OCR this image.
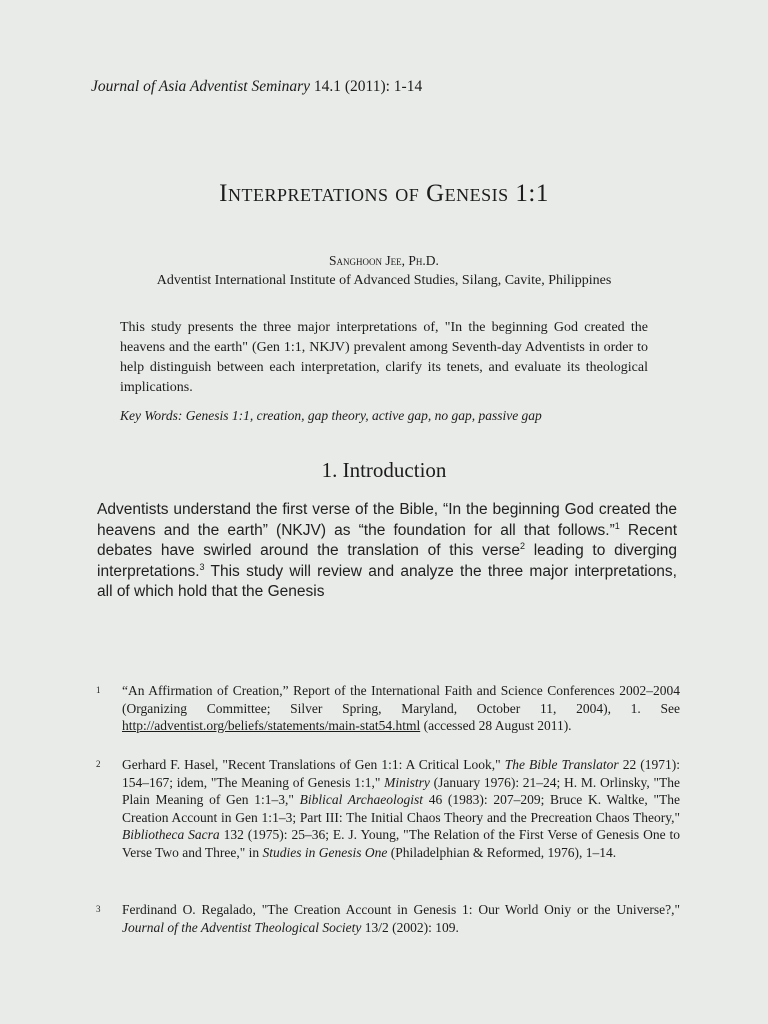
Journal of Asia Adventist Seminary 14.1 (2011): 1-14
Interpretations of Genesis 1:1
Sanghoon Jee, Ph.D.
Adventist International Institute of Advanced Studies, Silang, Cavite, Philippines

This study presents the three major interpretations of, "In the beginning God created the heavens and the earth" (Gen 1:1, NKJV) prevalent among Seventh-day Adventists in order to help distinguish between each interpretation, clarify its tenets, and evaluate its theological implications.

Key Words: Genesis 1:1, creation, gap theory, active gap, no gap, passive gap
1. Introduction

Adventists understand the first verse of the Bible, “In the beginning God created the heavens and the earth” (NKJV) as “the foundation for all that follows.”$^1$ Recent debates have swirled around the translation of this verse$^2$ leading to diverging interpretations.$^3$ This study will review and analyze the three major interpretations, all of which hold that the Genesis

1 “An Affirmation of Creation,” Report of the International Faith and Science Conferences 2002–2004 (Organizing Committee; Silver Spring, Maryland, October 11, 2004), 1. See http://adventist.org/beliefs/statements/main-stat54.html (accessed 28 August 2011).
2 Gerhard F. Hasel, "Recent Translations of Gen 1:1: A Critical Look," The Bible Translator 22 (1971): 154–167; idem, "The Meaning of Genesis 1:1," Ministry (January 1976): 21–24; H. M. Orlinsky, "The Plain Meaning of Gen 1:1–3," Biblical Archaeologist 46 (1983): 207–209; Bruce K. Waltke, "The Creation Account in Gen 1:1–3; Part III: The Initial Chaos Theory and the Precreation Chaos Theory," Bibliotheca Sacra 132 (1975): 25–36; E. J. Young, "The Relation of the First Verse of Genesis One to Verse Two and Three," in Studies in Genesis One (Philadelphian & Reformed, 1976), 1–14.
3 Ferdinand O. Regalado, "The Creation Account in Genesis 1: Our World Oniy or the Universe?," Journal of the Adventist Theological Society 13/2 (2002): 109.
